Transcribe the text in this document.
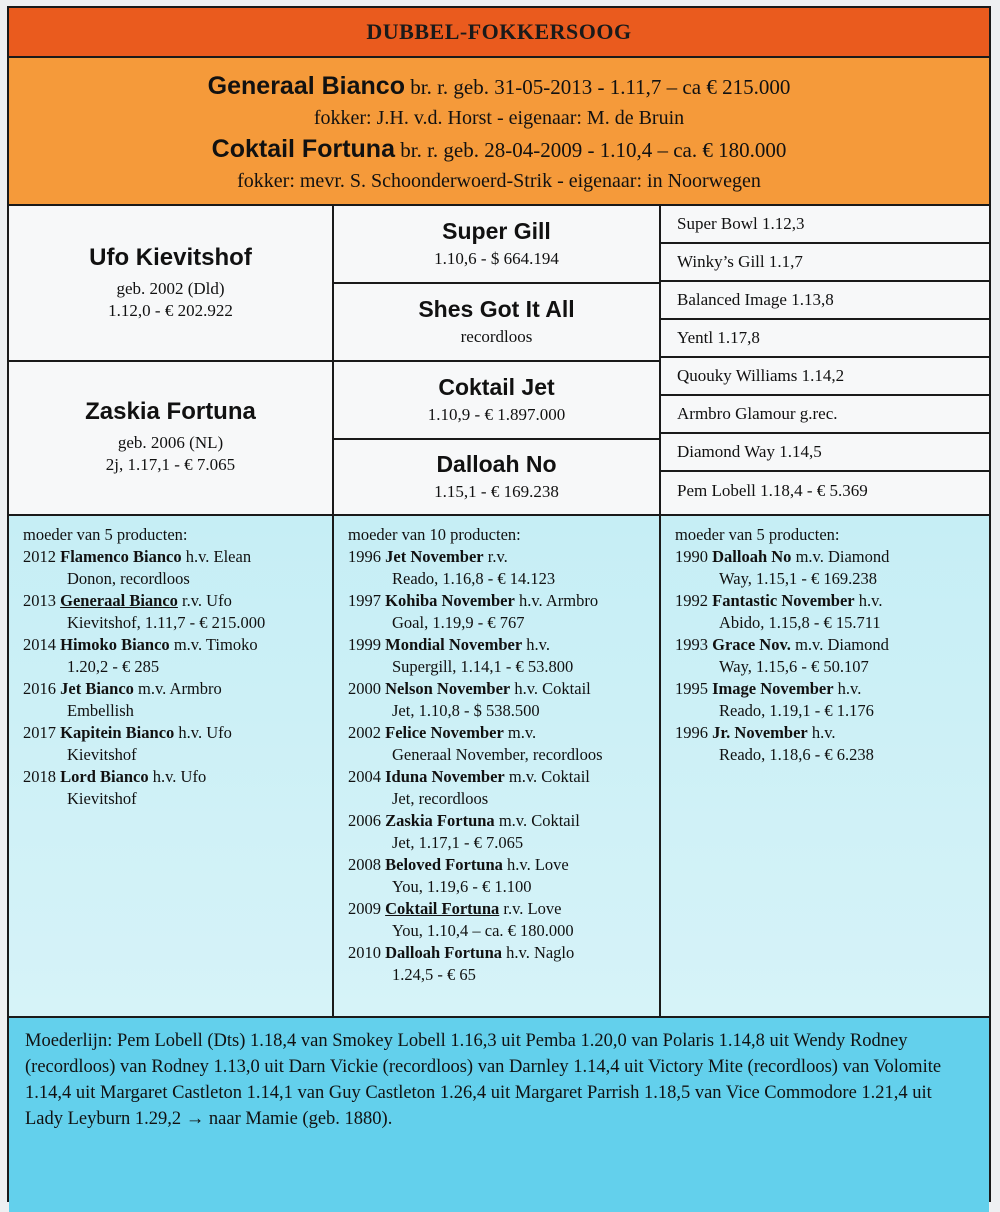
DUBBEL-FOKKERSOOG
Generaal Bianco br. r. geb. 31-05-2013 - 1.11,7 – ca € 215.000
fokker: J.H. v.d. Horst - eigenaar: M. de Bruin
Coktail Fortuna br. r. geb. 28-04-2009 - 1.10,4 – ca. € 180.000
fokker: mevr. S. Schoonderwoerd-Strik - eigenaar: in Noorwegen
Ufo Kievitshof
geb. 2002 (Dld)
1.12,0 - € 202.922
Zaskia Fortuna
geb. 2006 (NL)
2j, 1.17,1 - € 7.065
Super Gill
1.10,6 - $ 664.194
Shes Got It All
recordloos
Coktail Jet
1.10,9 - € 1.897.000
Dalloah No
1.15,1 - € 169.238
Super Bowl 1.12,3
Winky’s Gill 1.1,7
Balanced Image 1.13,8
Yentl 1.17,8
Quouky Williams 1.14,2
Armbro Glamour g.rec.
Diamond Way 1.14,5
Pem Lobell 1.18,4 - € 5.369
moeder van 5 producten:
2012 Flamenco Bianco h.v. Elean
Donon, recordloos
2013 Generaal Bianco r.v. Ufo
Kievitshof, 1.11,7 - € 215.000
2014 Himoko Bianco m.v. Timoko
1.20,2 - € 285
2016 Jet Bianco m.v. Armbro
Embellish
2017 Kapitein Bianco h.v. Ufo
Kievitshof
2018 Lord Bianco h.v. Ufo
Kievitshof
moeder van 10 producten:
1996 Jet November r.v.
Reado, 1.16,8 - € 14.123
1997 Kohiba November h.v. Armbro
Goal, 1.19,9 - € 767
1999 Mondial November h.v.
Supergill, 1.14,1 - € 53.800
2000 Nelson November h.v. Coktail
Jet, 1.10,8 - $ 538.500
2002 Felice November m.v.
Generaal November, recordloos
2004 Iduna November m.v. Coktail
Jet, recordloos
2006 Zaskia Fortuna m.v. Coktail
Jet, 1.17,1 - € 7.065
2008 Beloved Fortuna h.v. Love
You, 1.19,6 - € 1.100
2009 Coktail Fortuna r.v. Love
You, 1.10,4 – ca. € 180.000
2010 Dalloah Fortuna h.v. Naglo
1.24,5 - € 65
moeder van 5 producten:
1990 Dalloah No m.v. Diamond
Way, 1.15,1 - € 169.238
1992 Fantastic November h.v.
Abido, 1.15,8 - € 15.711
1993 Grace Nov. m.v. Diamond
Way, 1.15,6 - € 50.107
1995 Image November h.v.
Reado, 1.19,1 - € 1.176
1996 Jr. November h.v.
Reado, 1.18,6 - € 6.238
Moederlijn: Pem Lobell (Dts) 1.18,4 van Smokey Lobell 1.16,3 uit Pemba 1.20,0 van Polaris 1.14,8 uit Wendy Rodney (recordloos) van Rodney 1.13,0 uit Darn Vickie (recordloos) van Darnley 1.14,4 uit Victory Mite (recordloos) van Volomite 1.14,4 uit Margaret Castleton 1.14,1 van Guy Castleton 1.26,4 uit Margaret Parrish 1.18,5 van Vice Commodore 1.21,4 uit Lady Leyburn 1.29,2 → naar Mamie (geb. 1880).
